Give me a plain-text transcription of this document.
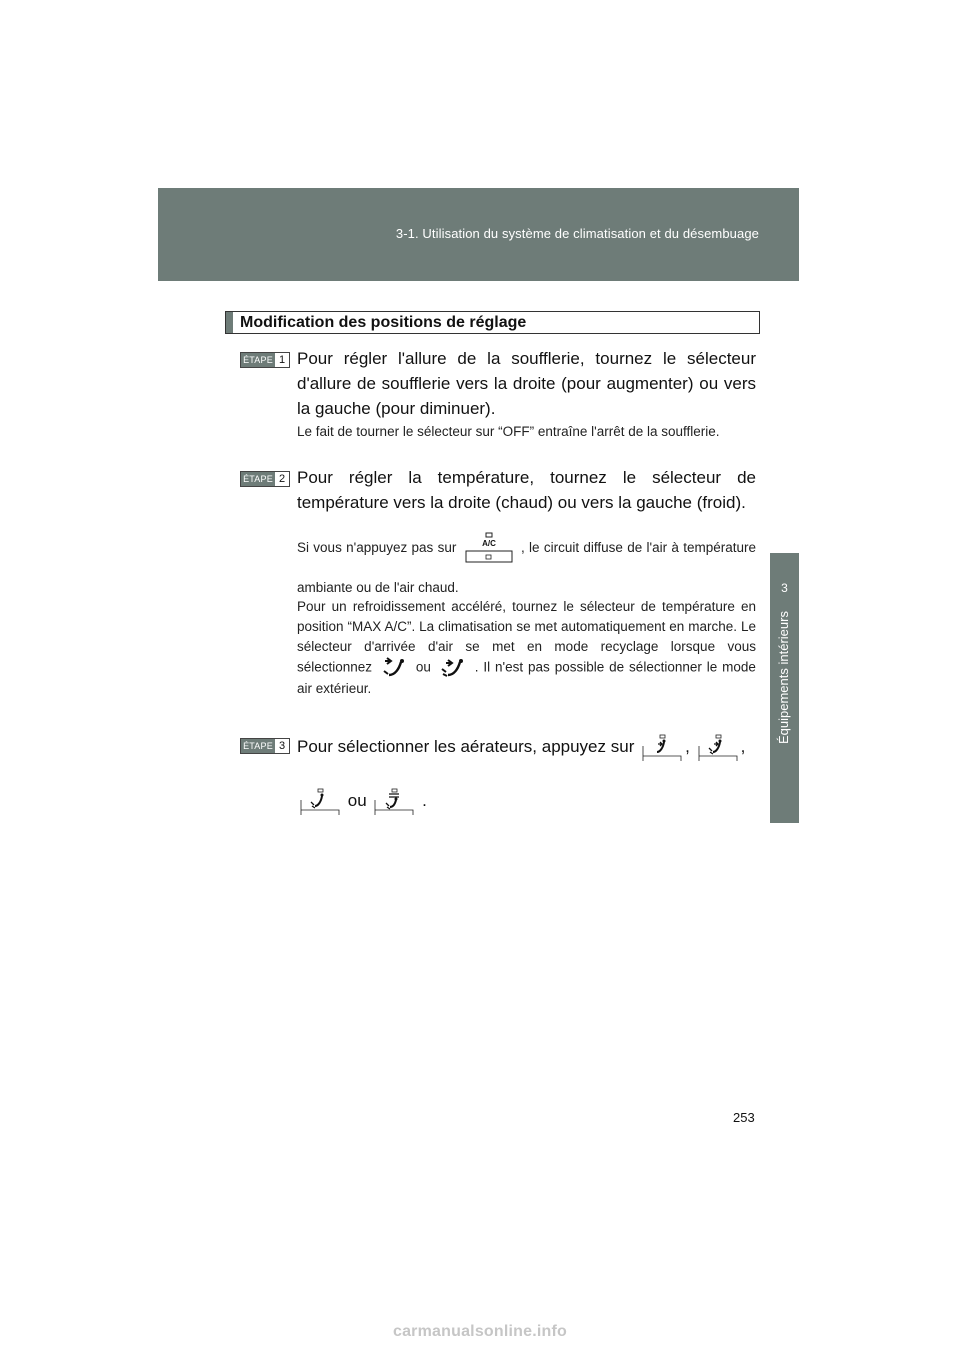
3-1. Utilisation du système de climatisation et du désembuage
3
Équipements intérieurs
Modification des positions de réglage
ÉTAPE 1 Pour régler l'allure de la soufflerie, tournez le sélecteur d'allure de soufflerie vers la droite (pour augmenter) ou vers la gauche (pour diminuer).
Le fait de tourner le sélecteur sur “OFF” entraîne l'arrêt de la soufflerie.
ÉTAPE 2 Pour régler la température, tournez le sélecteur de température vers la droite (chaud) ou vers la gauche (froid).
Si vous n'appuyez pas sur	A/C , le circuit diffuse de l'air à température ambiante ou de l'air chaud.
Pour un refroidissement accéléré, tournez le sélecteur de température en position “MAX A/C”. La climatisation se met automatiquement en marche. Le sélecteur d'arrivée d'air se met en mode recyclage lorsque vous sélectionnez	ou	. Il n'est pas possible de sélectionner le mode air extérieur.
ÉTAPE 3 Pour sélectionner les aérateurs, appuyez sur	,	,
ou	.
253
carmanualsonline.info
